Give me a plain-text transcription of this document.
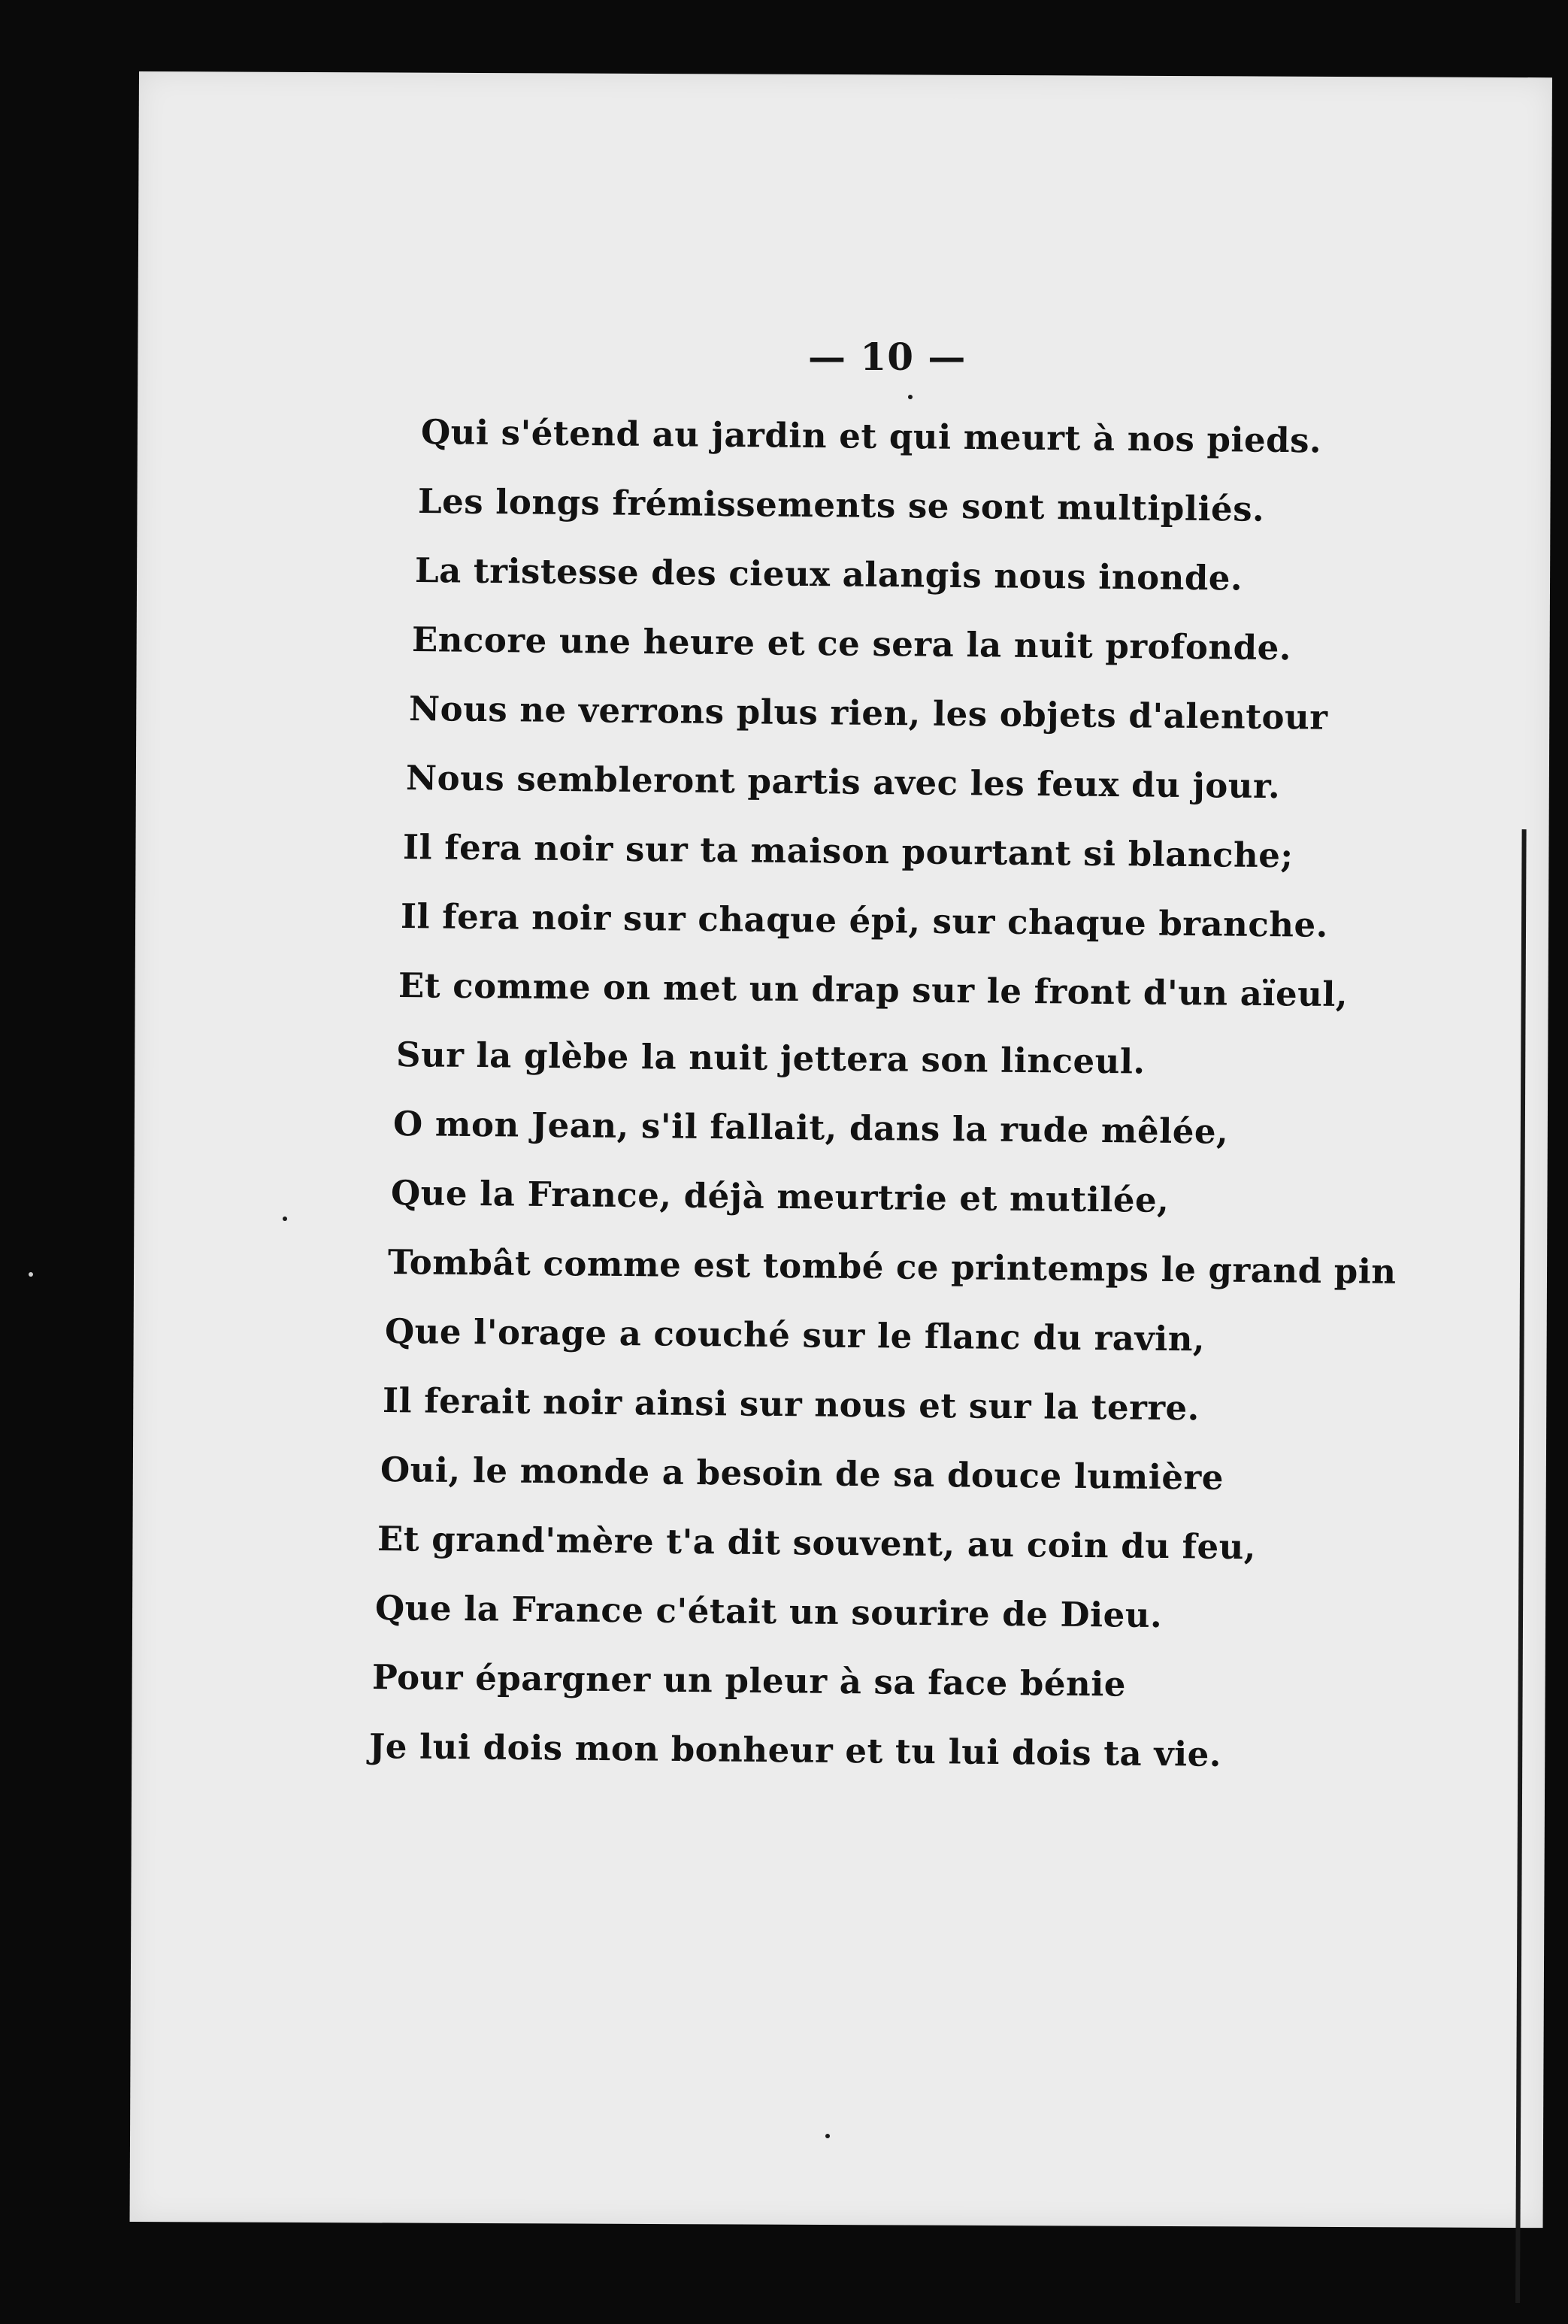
— 10 —
Qui s'étend au jardin et qui meurt à nos pieds.
Les longs frémissements se sont multipliés.
La tristesse des cieux alangis nous inonde.
Encore une heure et ce sera la nuit profonde.
Nous ne verrons plus rien, les objets d'alentour
Nous sembleront partis avec les feux du jour.
Il fera noir sur ta maison pourtant si blanche;
Il fera noir sur chaque épi, sur chaque branche.
Et comme on met un drap sur le front d'un aïeul,
Sur la glèbe la nuit jettera son linceul.
O mon Jean, s'il fallait, dans la rude mêlée,
Que la France, déjà meurtrie et mutilée,
Tombât comme est tombé ce printemps le grand pin
Que l'orage a couché sur le flanc du ravin,
Il ferait noir ainsi sur nous et sur la terre.
Oui, le monde a besoin de sa douce lumière
Et grand'mère t'a dit souvent, au coin du feu,
Que la France c'était un sourire de Dieu.
Pour épargner un pleur à sa face bénie
Je lui dois mon bonheur et tu lui dois ta vie.
